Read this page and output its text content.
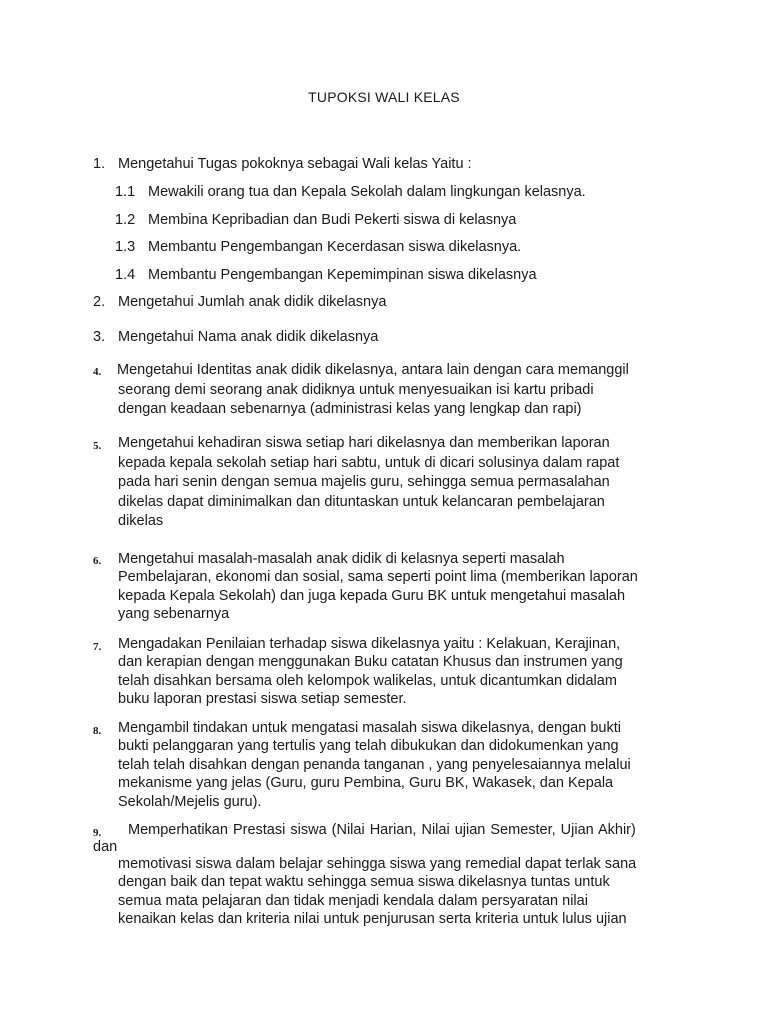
TUPOKSI WALI KELAS
1. Mengetahui Tugas pokoknya sebagai Wali kelas Yaitu :
1.1 Mewakili orang tua dan Kepala Sekolah dalam lingkungan kelasnya.
1.2 Membina Kepribadian dan Budi Pekerti siswa di kelasnya
1.3 Membantu Pengembangan Kecerdasan siswa dikelasnya.
1.4 Membantu Pengembangan Kepemimpinan siswa dikelasnya
2. Mengetahui Jumlah anak didik dikelasnya
3. Mengetahui Nama anak didik dikelasnya
4. Mengetahui Identitas anak didik dikelasnya, antara lain dengan cara memanggil
seorang demi seorang anak didiknya untuk menyesuaikan isi kartu pribadi
dengan keadaan sebenarnya (administrasi kelas yang lengkap dan rapi)
5. Mengetahui kehadiran siswa setiap hari dikelasnya dan memberikan laporan
kepada kepala sekolah setiap hari sabtu, untuk di dicari solusinya dalam rapat
pada hari senin dengan semua majelis guru, sehingga semua permasalahan
dikelas dapat diminimalkan dan dituntaskan untuk kelancaran pembelajaran
dikelas
6. Mengetahui masalah-masalah anak didik di kelasnya seperti masalah
Pembelajaran, ekonomi dan sosial, sama seperti point lima (memberikan laporan
kepada Kepala Sekolah) dan juga kepada Guru BK untuk mengetahui masalah
yang sebenarnya
7. Mengadakan Penilaian terhadap siswa dikelasnya yaitu : Kelakuan, Kerajinan,
dan kerapian dengan menggunakan Buku catatan Khusus dan instrumen yang
telah disahkan bersama oleh kelompok walikelas, untuk dicantumkan didalam
buku laporan prestasi siswa setiap semester.
8. Mengambil tindakan untuk mengatasi masalah siswa dikelasnya, dengan bukti
bukti pelanggaran yang tertulis yang telah dibukukan dan didokumenkan yang
telah telah disahkan dengan penanda tanganan , yang penyelesaiannya melalui
mekanisme yang jelas (Guru, guru Pembina, Guru BK, Wakasek, dan Kepala
Sekolah/Mejelis guru).
9. Memperhatikan Prestasi siswa (Nilai Harian, Nilai ujian Semester, Ujian Akhir)
dan
memotivasi siswa dalam belajar sehingga siswa yang remedial dapat terlak sana
dengan baik dan tepat waktu sehingga semua siswa dikelasnya tuntas untuk
semua mata pelajaran dan tidak menjadi kendala dalam persyaratan nilai
kenaikan kelas dan kriteria nilai untuk penjurusan serta kriteria untuk lulus ujian
